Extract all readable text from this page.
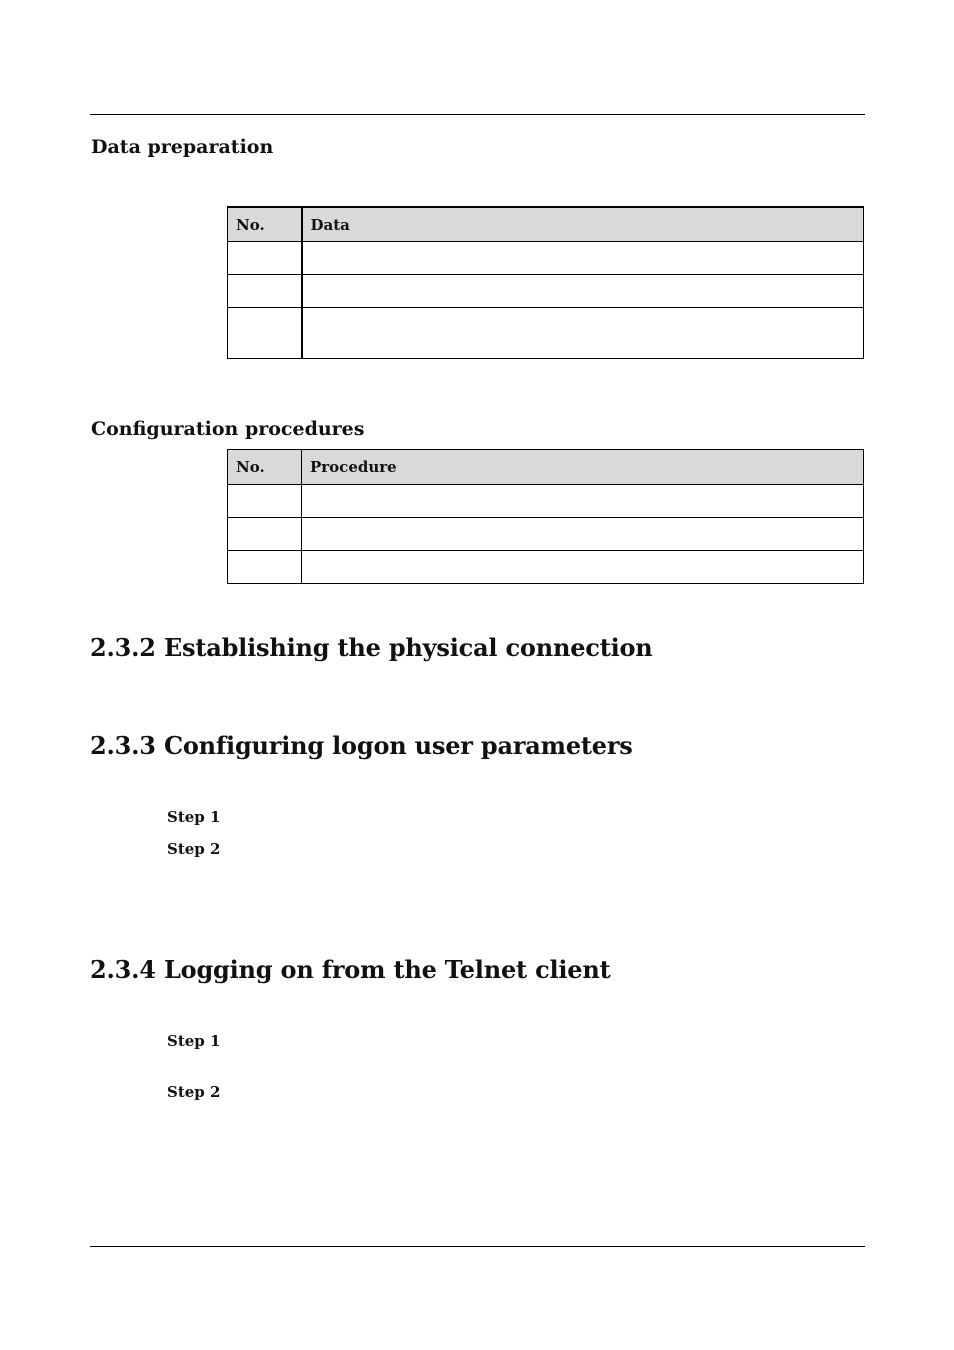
Data preparation
No.	Data

Configuration procedures
No.	Procedure

2.3.2 Establishing the physical connection
2.3.3 Configuring logon user parameters
Step 1
Step 2
2.3.4 Logging on from the Telnet client
Step 1
Step 2
